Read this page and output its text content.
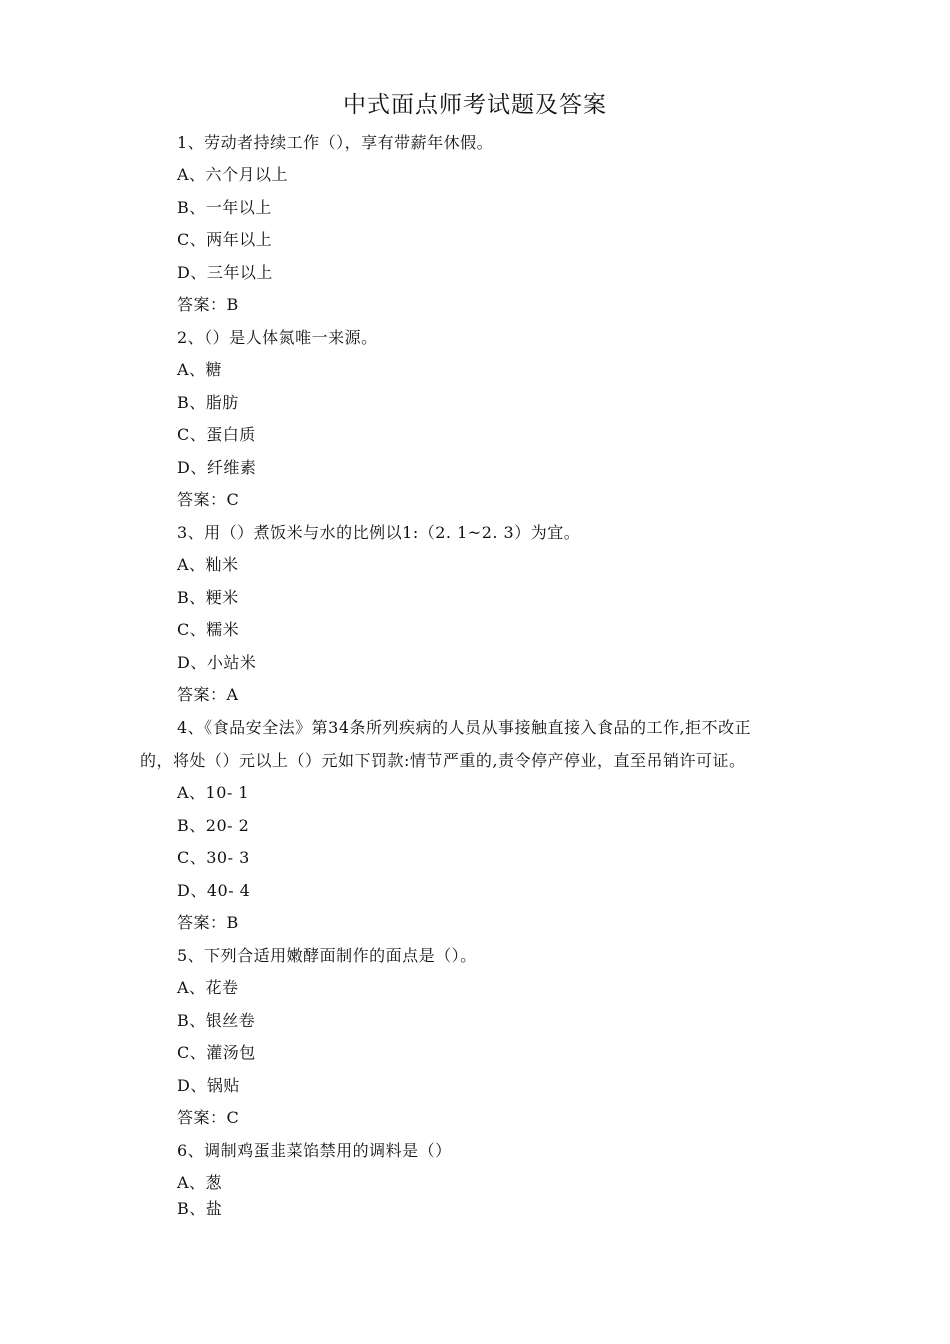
中式面点师考试题及答案
1、劳动者持续工作（），享有带薪年休假。
A、六个月以上
B、一年以上
C、两年以上
D、三年以上
答案：B
2、（）是人体氮唯一来源。
A、糖
B、脂肪
C、蛋白质
D、纤维素
答案：C
3、用（）煮饭米与水的比例以1:（2. 1~2. 3）为宜。
A、籼米
B、粳米
C、糯米
D、小站米
答案：A
4、《食品安全法》第34条所列疾病的人员从事接触直接入食品的工作,拒不改正
的，将处（）元以上（）元如下罚款:情节严重的,责令停产停业，直至吊销许可证。
A、10- 1
B、20- 2
C、30- 3
D、40- 4
答案：B
5、下列合适用嫩酵面制作的面点是（）。
A、花卷
B、银丝卷
C、灌汤包
D、锅贴
答案：C
6、调制鸡蛋韭菜馅禁用的调料是（）
A、葱
B、盐
